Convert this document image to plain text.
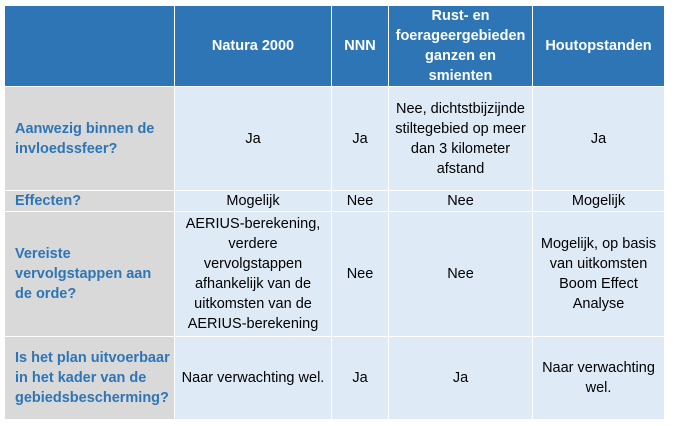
	Natura 2000	NNN	Rust- en foerageergebieden ganzen en smienten	Houtopstanden
Aanwezig binnen de invloedssfeer?	Ja	Ja	Nee, dichtstbijzijnde stiltegebied op meer dan 3 kilometer afstand	Ja
Effecten?	Mogelijk	Nee	Nee	Mogelijk
Vereiste vervolgstappen aan de orde?	AERIUS-berekening, verdere vervolgstappen afhankelijk van de uitkomsten van de AERIUS-berekening	Nee	Nee	Mogelijk, op basis van uitkomsten Boom Effect Analyse
Is het plan uitvoerbaar in het kader van de gebiedsbescherming?	Naar verwachting wel.	Ja	Ja	Naar verwachting wel.
